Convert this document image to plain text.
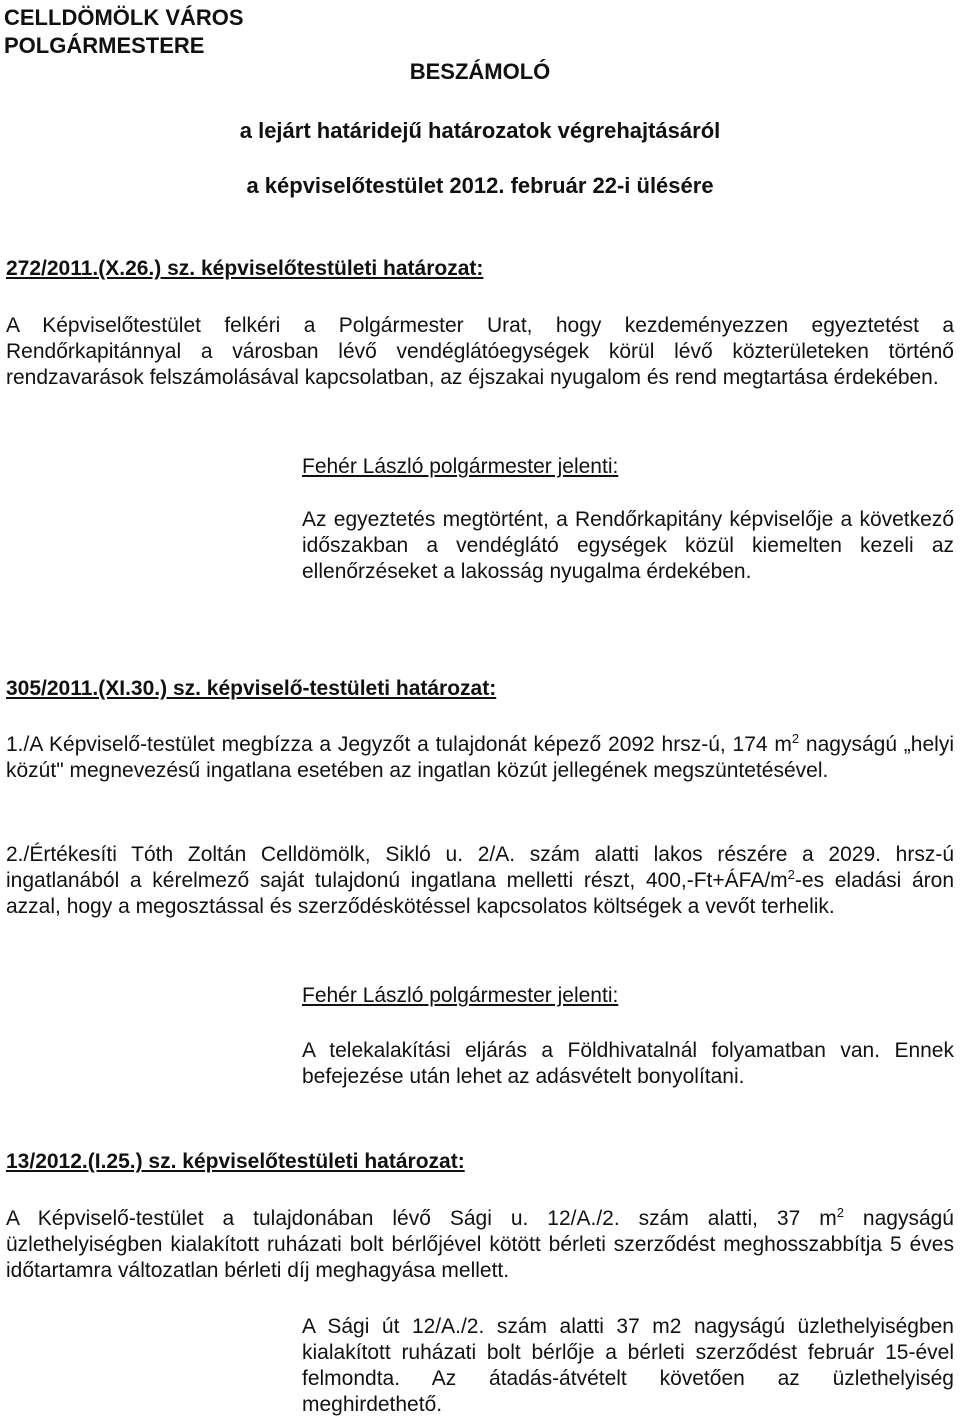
CELLDÖMÖLK VÁROS
POLGÁRMESTERE
BESZÁMOLÓ
a lejárt határidejű határozatok végrehajtásáról
a képviselőtestület 2012. február 22-i ülésére
272/2011.(X.26.) sz. képviselőtestületi határozat:

A Képviselőtestület felkéri a Polgármester Urat, hogy kezdeményezzen egyeztetést a Rendőrkapitánnyal a városban lévő vendéglátóegységek körül lévő közterületeken történő rendzavarások felszámolásával kapcsolatban, az éjszakai nyugalom és rend megtartása érdekében.

Fehér László polgármester jelenti:

Az egyeztetés megtörtént, a Rendőrkapitány képviselője a következő időszakban a vendéglátó egységek közül kiemelten kezeli az ellenőrzéseket a lakosság nyugalma érdekében.

305/2011.(XI.30.) sz. képviselő-testületi határozat:

1./A Képviselő-testület megbízza a Jegyzőt a tulajdonát képező 2092 hrsz-ú, 174 $m^2$ nagyságú „helyi közút" megnevezésű ingatlana esetében az ingatlan közút jellegének megszüntetésével.

2./Értékesíti Tóth Zoltán Celldömölk, Sikló u. 2/A. szám alatti lakos részére a 2029. hrsz-ú ingatlanából a kérelmező saját tulajdonú ingatlana melletti részt, $400,-Ft+ÁFA/m^2-es$ eladási áron azzal, hogy a megosztással és szerződéskötéssel kapcsolatos költségek a vevőt terhelik.

Fehér László polgármester jelenti:

A telekalakítási eljárás a Földhivatalnál folyamatban van. Ennek befejezése után lehet az adásvételt bonyolítani.

13/2012.(I.25.) sz. képviselőtestületi határozat:

A Képviselő-testület a tulajdonában lévő Sági u. 12/A./2. szám alatti, 37 $m^2$ nagyságú üzlethelyiségben kialakított ruházati bolt bérlőjével kötött bérleti szerződést meghosszabbítja 5 éves időtartamra változatlan bérleti díj meghagyása mellett.

A Sági út 12/A./2. szám alatti 37 m2 nagyságú üzlethelyiségben kialakított ruházati bolt bérlője a bérleti szerződést február 15-ével felmondta. Az átadás-átvételt követően az üzlethelyiség meghirdethető.
